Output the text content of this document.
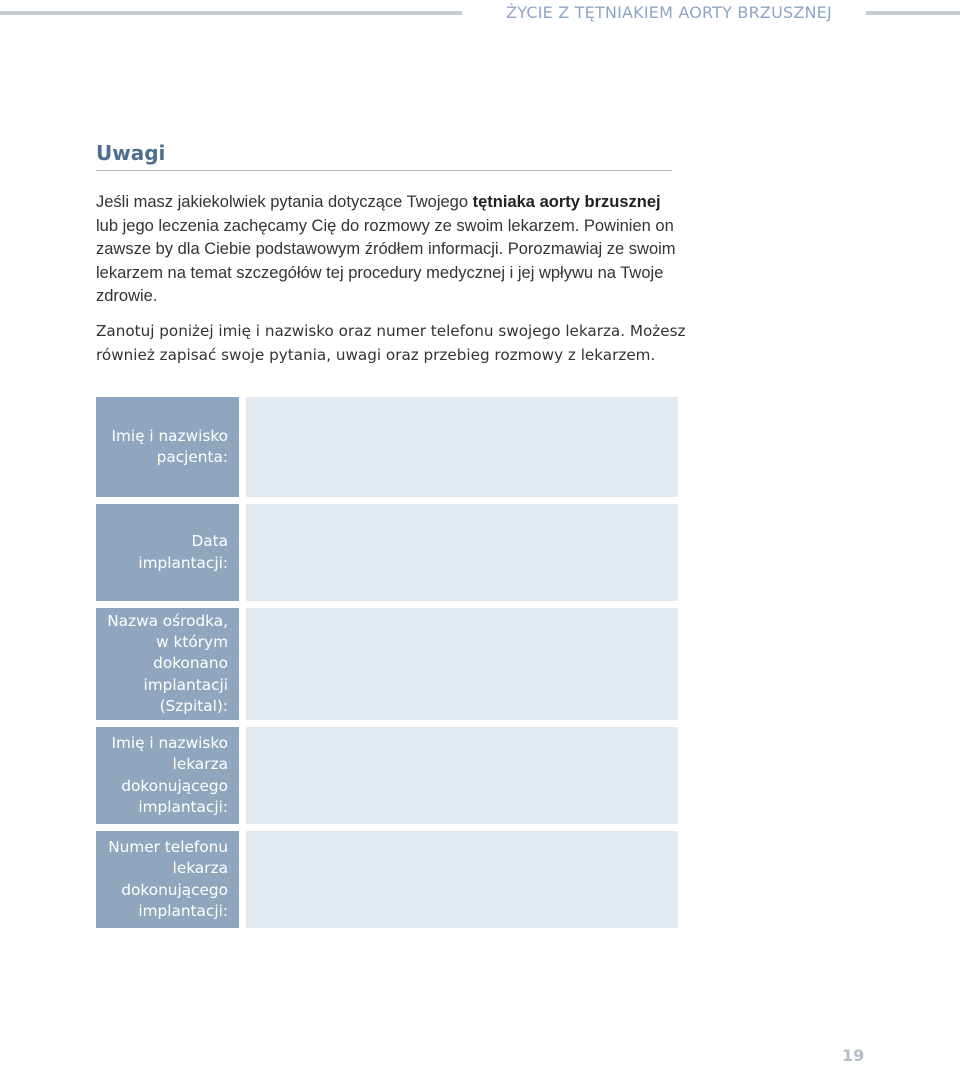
ŻYCIE Z TĘTNIAKIEM AORTY BRZUSZNEJ
Uwagi

Jeśli masz jakiekolwiek pytania dotyczące Twojego tętniaka aorty brzusznej lub jego leczenia zachęcamy Cię do rozmowy ze swoim lekarzem. Powinien on zawsze by dla Ciebie podstawowym źródłem informacji. Porozmawiaj ze swoim lekarzem na temat szczegółów tej procedury medycznej i jej wpływu na Twoje zdrowie.

Zanotuj poniżej imię i nazwisko oraz numer telefonu swojego lekarza. Możesz również zapisać swoje pytania, uwagi oraz przebieg rozmowy z lekarzem.

Imię i nazwisko
pacjenta:
Data
implantacji:
Nazwa ośrodka,
w którym
dokonano
implantacji
(Szpital):
Imię i nazwisko
lekarza
dokonującego
implantacji:
Numer telefonu
lekarza
dokonującego
implantacji:
19
